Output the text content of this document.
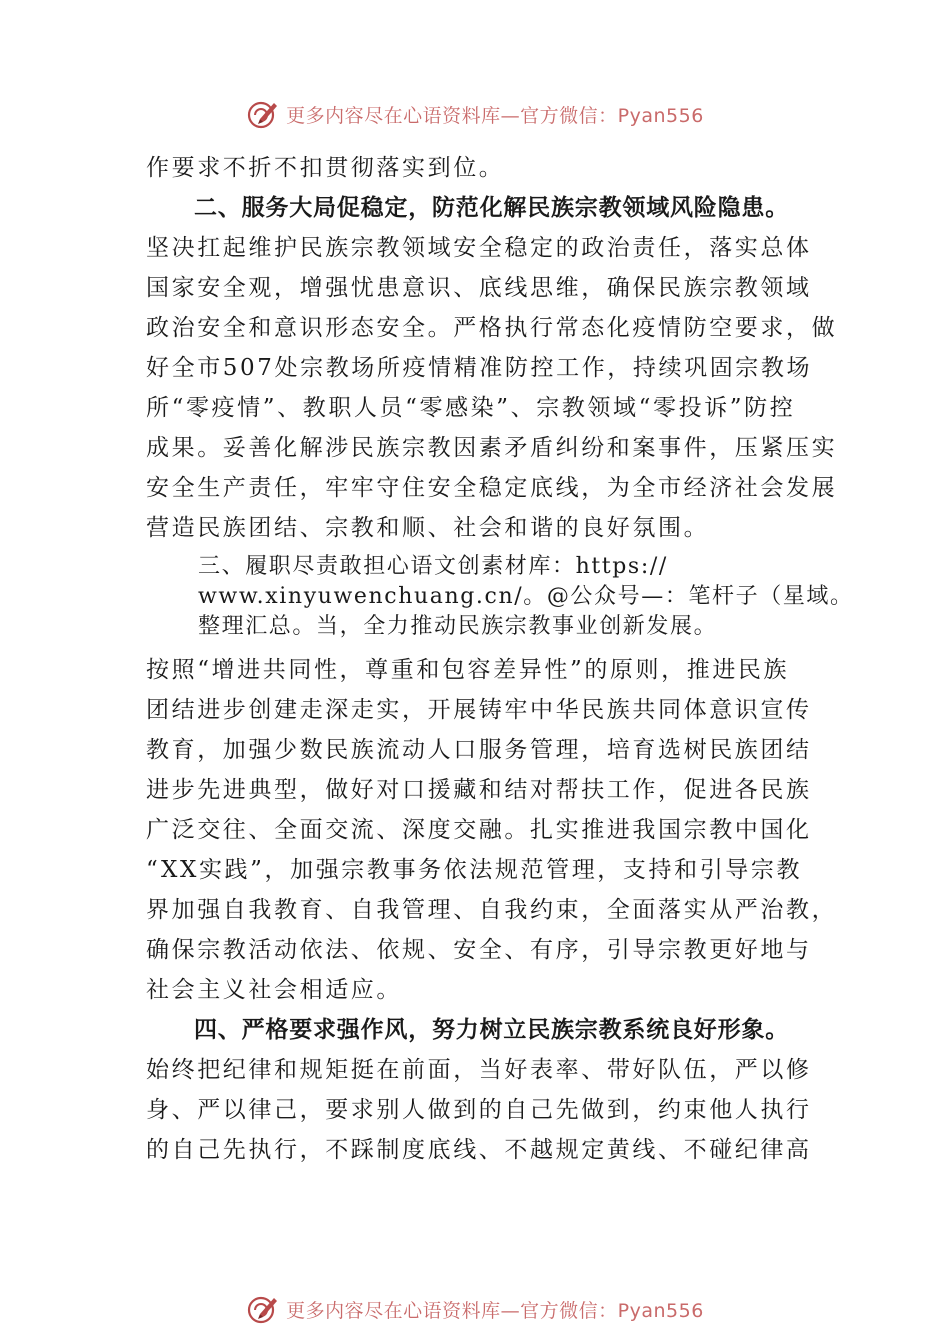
更多内容尽在心语资料库—官方微信：Pyan556
作要求不折不扣贯彻落实到位。
二、服务大局促稳定，防范化解民族宗教领域风险隐患。
坚决扛起维护民族宗教领域安全稳定的政治责任，落实总体
国家安全观，增强忧患意识、底线思维，确保民族宗教领域
政治安全和意识形态安全。严格执行常态化疫情防空要求，做
好全市507处宗教场所疫情精准防控工作，持续巩固宗教场
所“零疫情”、教职人员“零感染”、宗教领域“零投诉”防控
成果。妥善化解涉民族宗教因素矛盾纠纷和案事件，压紧压实
安全生产责任，牢牢守住安全稳定底线，为全市经济社会发展
营造民族团结、宗教和顺、社会和谐的良好氛围。
三、履职尽责敢担心语文创素材库：https://
www.xinyuwenchuang.cn/。@公众号—：笔杆子（星域。
整理汇总。当，全力推动民族宗教事业创新发展。
按照“增进共同性，尊重和包容差异性”的原则，推进民族
团结进步创建走深走实，开展铸牢中华民族共同体意识宣传
教育，加强少数民族流动人口服务管理，培育选树民族团结
进步先进典型，做好对口援藏和结对帮扶工作，促进各民族
广泛交往、全面交流、深度交融。扎实推进我国宗教中国化
“XX实践”，加强宗教事务依法规范管理，支持和引导宗教
界加强自我教育、自我管理、自我约束，全面落实从严治教，
确保宗教活动依法、依规、安全、有序，引导宗教更好地与
社会主义社会相适应。
四、严格要求强作风，努力树立民族宗教系统良好形象。
始终把纪律和规矩挺在前面，当好表率、带好队伍，严以修
身、严以律己，要求别人做到的自己先做到，约束他人执行
的自己先执行，不踩制度底线、不越规定黄线、不碰纪律高
更多内容尽在心语资料库—官方微信：Pyan556
